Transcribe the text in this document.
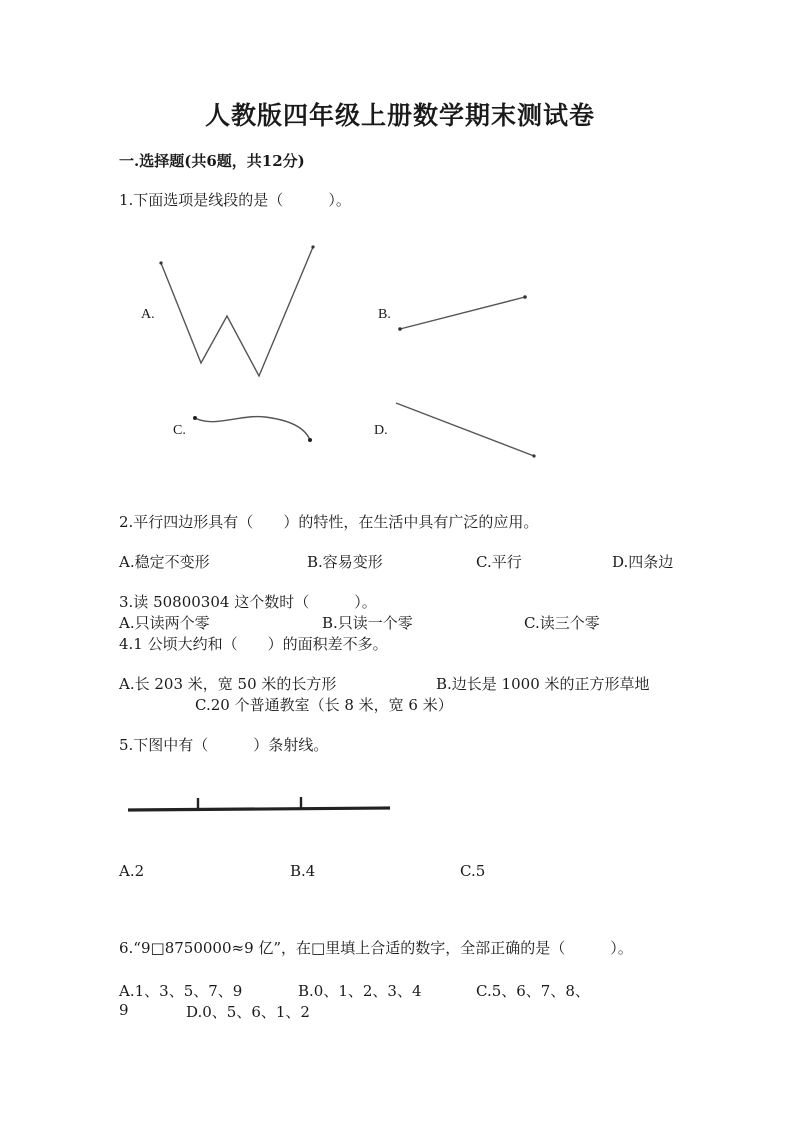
人教版四年级上册数学期末测试卷
一.选择题(共6题，共12分)
1.下面选项是线段的是（　　　）。
A.	B.
C.	D.
2.平行四边形具有（　　）的特性，在生活中具有广泛的应用。
A.稳定不变形	B.容易变形	C.平行	D.四条边
3.读 50800304 这个数时（　　　）。
A.只读两个零	B.只读一个零	C.读三个零
4.1 公顷大约和（　　）的面积差不多。
A.长 203 米，宽 50 米的长方形	B.边长是 1000 米的正方形草地
C.20 个普通教室（长 8 米，宽 6 米）
5.下图中有（　　　）条射线。
A.2	B.4	C.5
6.“9□8750000≈9 亿”，在□里填上合适的数字，全部正确的是（　　　）。
A.1、3、5、7、9	B.0、1、2、3、4	C.5、6、7、8、
9	D.0、5、6、1、2
